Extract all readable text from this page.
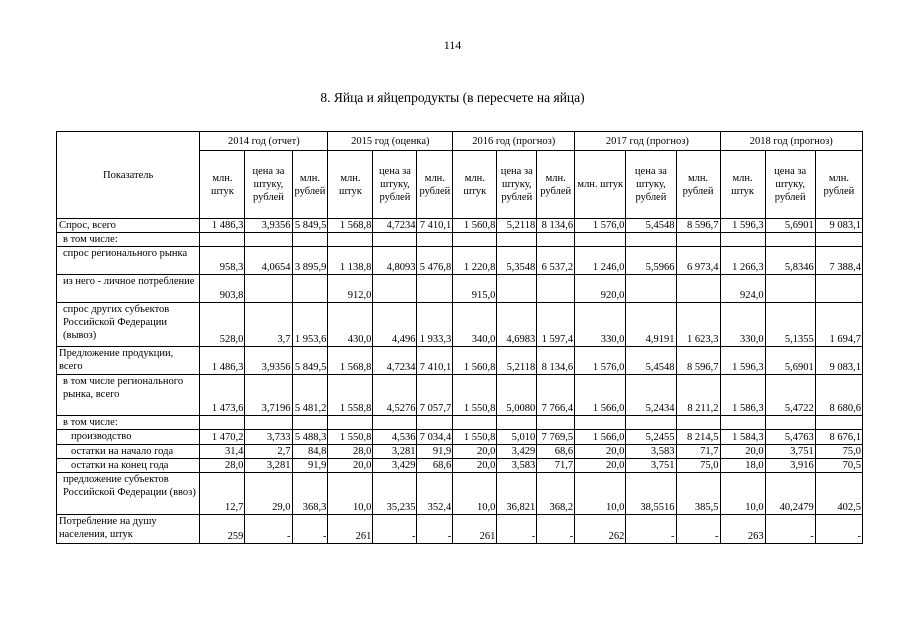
114
8. Яйца и яйцепродукты (в пересчете на яйца)
Показатель	2014 год (отчет)			2015 год (оценка)			2016 год (прогноз)			2017 год (прогноз)			2018 год (прогноз)		
	млн. штук	цена за штуку, рублей	млн. рублей	млн. штук	цена за штуку, рублей	млн. рублей	млн. штук	цена за штуку, рублей	млн. рублей	млн. штук	цена за штуку, рублей	млн. рублей	млн. штук	цена за штуку, рублей	млн. рублей
Спрос, всего	1 486,3	3,9356	5 849,5	1 568,8	4,7234	7 410,1	1 560,8	5,2118	8 134,6	1 576,0	5,4548	8 596,7	1 596,3	5,6901	9 083,1
в том числе:															
спрос регионального рынка	958,3	4,0654	3 895,9	1 138,8	4,8093	5 476,8	1 220,8	5,3548	6 537,2	1 246,0	5,5966	6 973,4	1 266,3	5,8346	7 388,4
из него - личное потребление	903,8			912,0			915,0			920,0			924,0		
спрос других субъектов Российской Федерации (вывоз)	528,0	3,7	1 953,6	430,0	4,496	1 933,3	340,0	4,6983	1 597,4	330,0	4,9191	1 623,3	330,0	5,1355	1 694,7
Предложение продукции, всего	1 486,3	3,9356	5 849,5	1 568,8	4,7234	7 410,1	1 560,8	5,2118	8 134,6	1 576,0	5,4548	8 596,7	1 596,3	5,6901	9 083,1
в том числе регионального рынка, всего	1 473,6	3,7196	5 481,2	1 558,8	4,5276	7 057,7	1 550,8	5,0080	7 766,4	1 566,0	5,2434	8 211,2	1 586,3	5,4722	8 680,6
в том числе:															
производство	1 470,2	3,733	5 488,3	1 550,8	4,536	7 034,4	1 550,8	5,010	7 769,5	1 566,0	5,2455	8 214,5	1 584,3	5,4763	8 676,1
остатки на начало года	31,4	2,7	84,8	28,0	3,281	91,9	20,0	3,429	68,6	20,0	3,583	71,7	20,0	3,751	75,0
остатки на конец года	28,0	3,281	91,9	20,0	3,429	68,6	20,0	3,583	71,7	20,0	3,751	75,0	18,0	3,916	70,5
предложение субъектов Российской Федерации (ввоз)	12,7	29,0	368,3	10,0	35,235	352,4	10,0	36,821	368,2	10,0	38,5516	385,5	10,0	40,2479	402,5
Потребление на душу населения, штук	259	-	-	261	-	-	261	-	-	262	-	-	263	-	-
